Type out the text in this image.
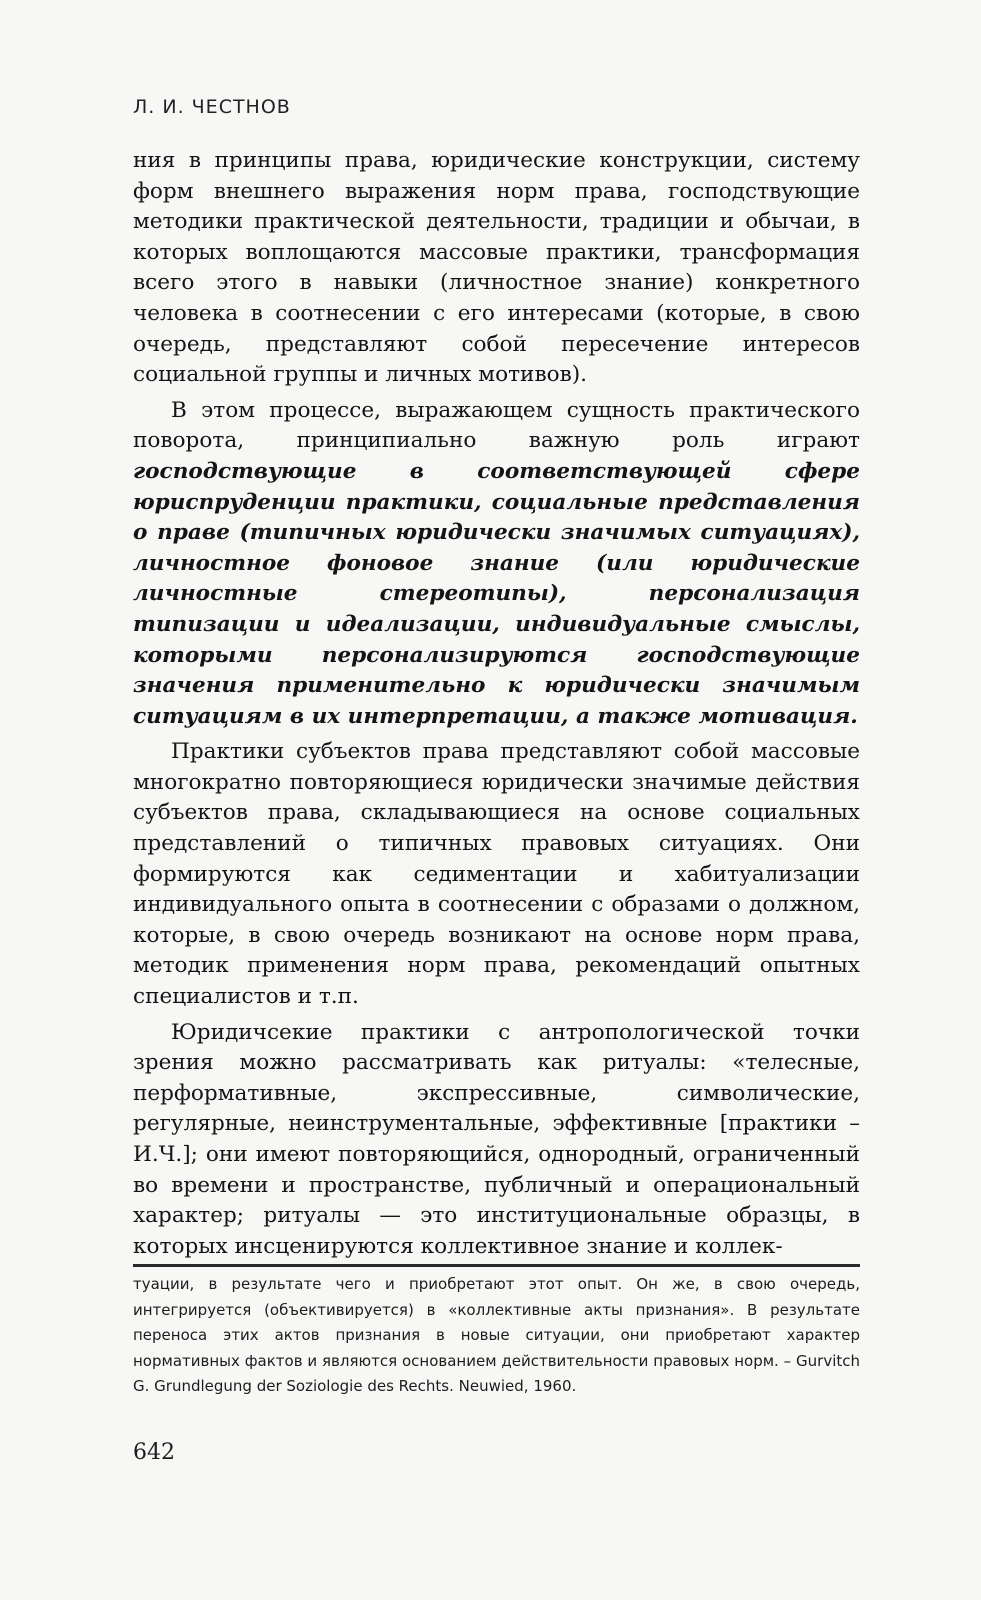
Л. И. ЧЕСТНОВ

ния в принципы права, юридические конструкции, систему форм внешнего выражения норм права, господствующие методики практической деятельности, традиции и обычаи, в которых воплощаются массовые практики, трансформация всего этого в навыки (личностное знание) конкретного человека в соотнесении с его интересами (которые, в свою очередь, представляют собой пересечение интересов социальной группы и личных мотивов).

В этом процессе, выражающем сущность практического поворота, принципиально важную роль играют господствующие в соответствующей сфере юриспруденции практики, социальные представления о праве (типичных юридически значимых ситуациях), личностное фоновое знание (или юридические личностные стереотипы), персонализация типизации и идеализации, индивидуальные смыслы, которыми персонализируются господствующие значения применительно к юридически значимым ситуациям в их интерпретации, а также мотивация.

Практики субъектов права представляют собой массовые многократно повторяющиеся юридически значимые действия субъектов права, складывающиеся на основе социальных представлений о типичных правовых ситуациях. Они формируются как седиментации и хабитуализации индивидуального опыта в соотнесении с образами о должном, которые, в свою очередь возникают на основе норм права, методик применения норм права, рекомендаций опытных специалистов и т.п.

Юридичсекие практики с антропологической точки зрения можно рассматривать как ритуалы: «телесные, перформативные, экспрессивные, символические, регулярные, неинструментальные, эффективные [практики – И.Ч.]; они имеют повторяющийся, однородный, ограниченный во времени и пространстве, публичный и операциональный характер; ритуалы — это институциональные образцы, в которых инсценируются коллективное знание и коллек-

туации, в результате чего и приобретают этот опыт. Он же, в свою очередь, интегрируется (объективируется) в «коллективные акты признания». В результате переноса этих актов признания в новые ситуации, они приобретают характер нормативных фактов и являются основанием действительности правовых норм. – Gurvitch G. Grundlegung der Soziologie des Rechts. Neuwied, 1960.
642
